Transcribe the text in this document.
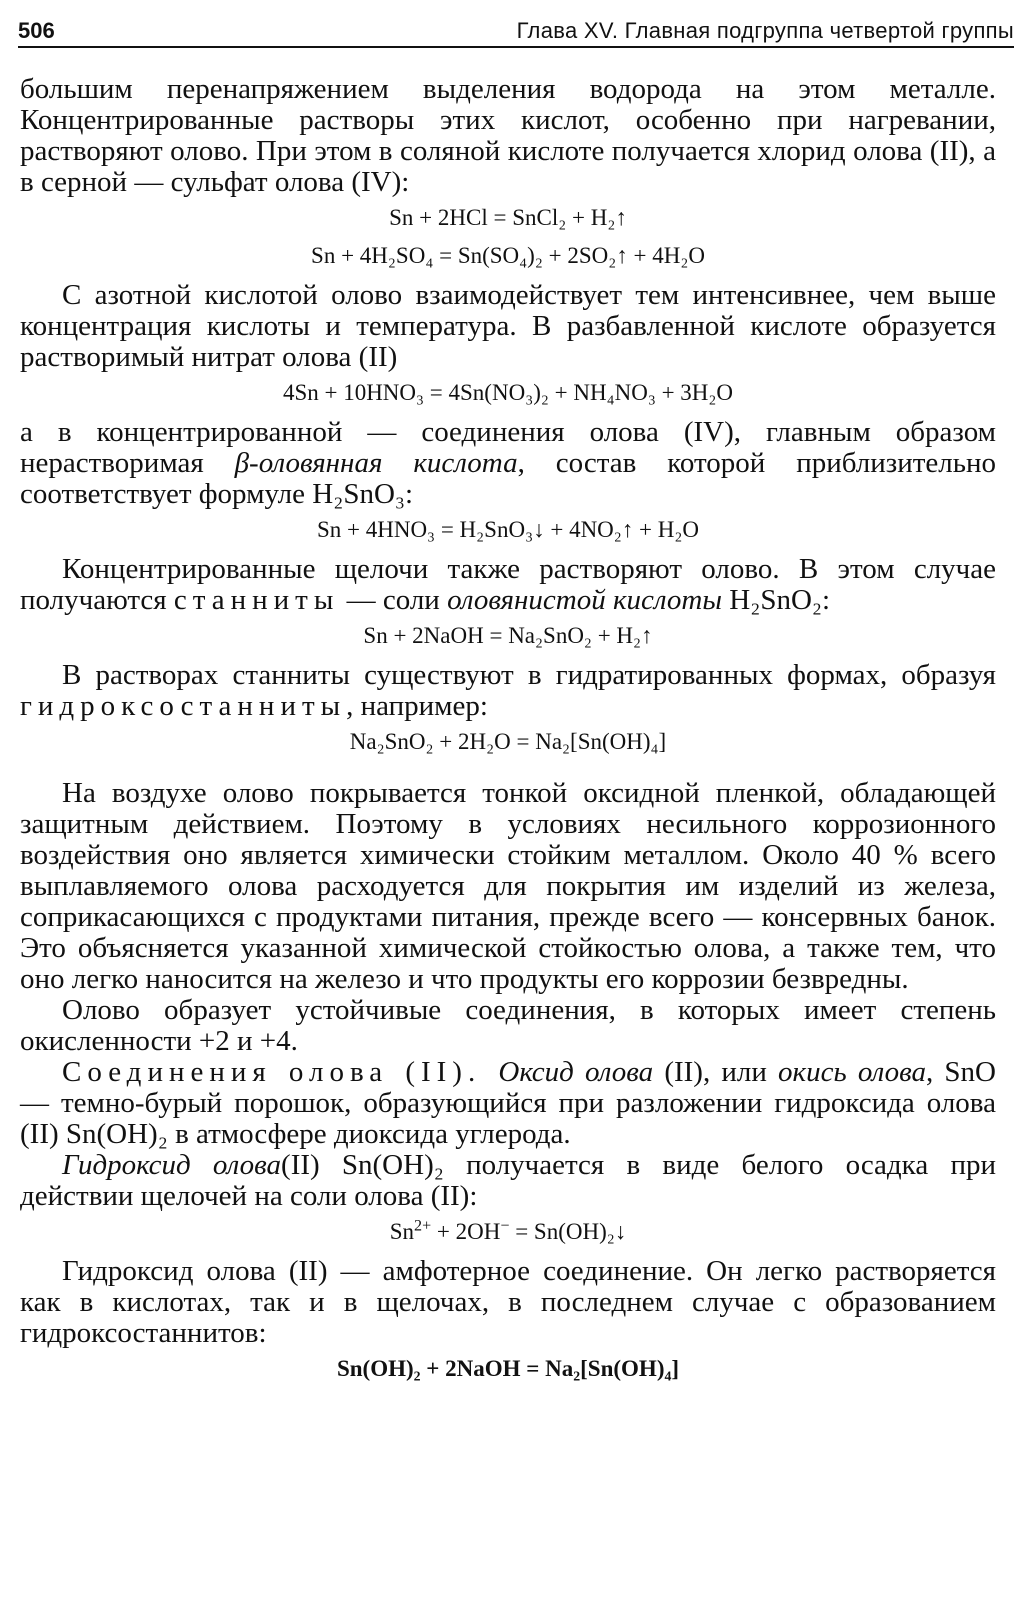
506	Глава XV. Главная подгруппа четвертой группы

большим перенапряжением выделения водорода на этом металле. Концентрированные растворы этих кислот, особенно при нагревании, растворяют олово. При этом в соляной кислоте получается хлорид олова (II), а в серной — сульфат олова (IV):

Sn + 2HCl = SnCl₂ + H₂↑
Sn + 4H₂SO₄ = Sn(SO₄)₂ + 2SO₂↑ + 4H₂O

С азотной кислотой олово взаимодействует тем интенсивнее, чем выше концентрация кислоты и температура. В разбавленной кислоте образуется растворимый нитрат олова (II)

4Sn + 10HNO₃ = 4Sn(NO₃)₂ + NH₄NO₃ + 3H₂O

а в концентрированной — соединения олова (IV), главным образом нерастворимая β-оловянная кислота, состав которой приблизительно соответствует формуле H₂SnO₃:

Sn + 4HNO₃ = H₂SnO₃↓ + 4NO₂↑ + H₂O

Концентрированные щелочи также растворяют олово. В этом случае получаются станниты — соли оловянистой кислоты H₂SnO₂:

Sn + 2NaOH = Na₂SnO₂ + H₂↑

В растворах станниты существуют в гидратированных формах, образуя гидроксостанниты, например:

Na₂SnO₂ + 2H₂O = Na₂[Sn(OH)₄]

На воздухе олово покрывается тонкой оксидной пленкой, обладающей защитным действием. Поэтому в условиях несильного коррозионного воздействия оно является химически стойким металлом. Около 40 % всего выплавляемого олова расходуется для покрытия им изделий из железа, соприкасающихся с продуктами питания, прежде всего — консервных банок. Это объясняется указанной химической стойкостью олова, а также тем, что оно легко наносится на железо и что продукты его коррозии безвредны.

Олово образует устойчивые соединения, в которых имеет степень окисленности +2 и +4.

Соединения олова (II). Оксид олова (II), или окись олова, SnO — темно-бурый порошок, образующийся при разложении гидроксида олова (II) Sn(OH)₂ в атмосфере диоксида углерода.

Гидроксид олова(II) Sn(OH)₂ получается в виде белого осадка при действии щелочей на соли олова (II):

$Sn^{2+} + 2OH^-$ = Sn(OH)₂↓

Гидроксид олова (II) — амфотерное соединение. Он легко растворяется как в кислотах, так и в щелочах, в последнем случае с образованием гидроксостаннитов:

Sn(OH)₂ + 2NaOH = Na₂[Sn(OH)₄]
